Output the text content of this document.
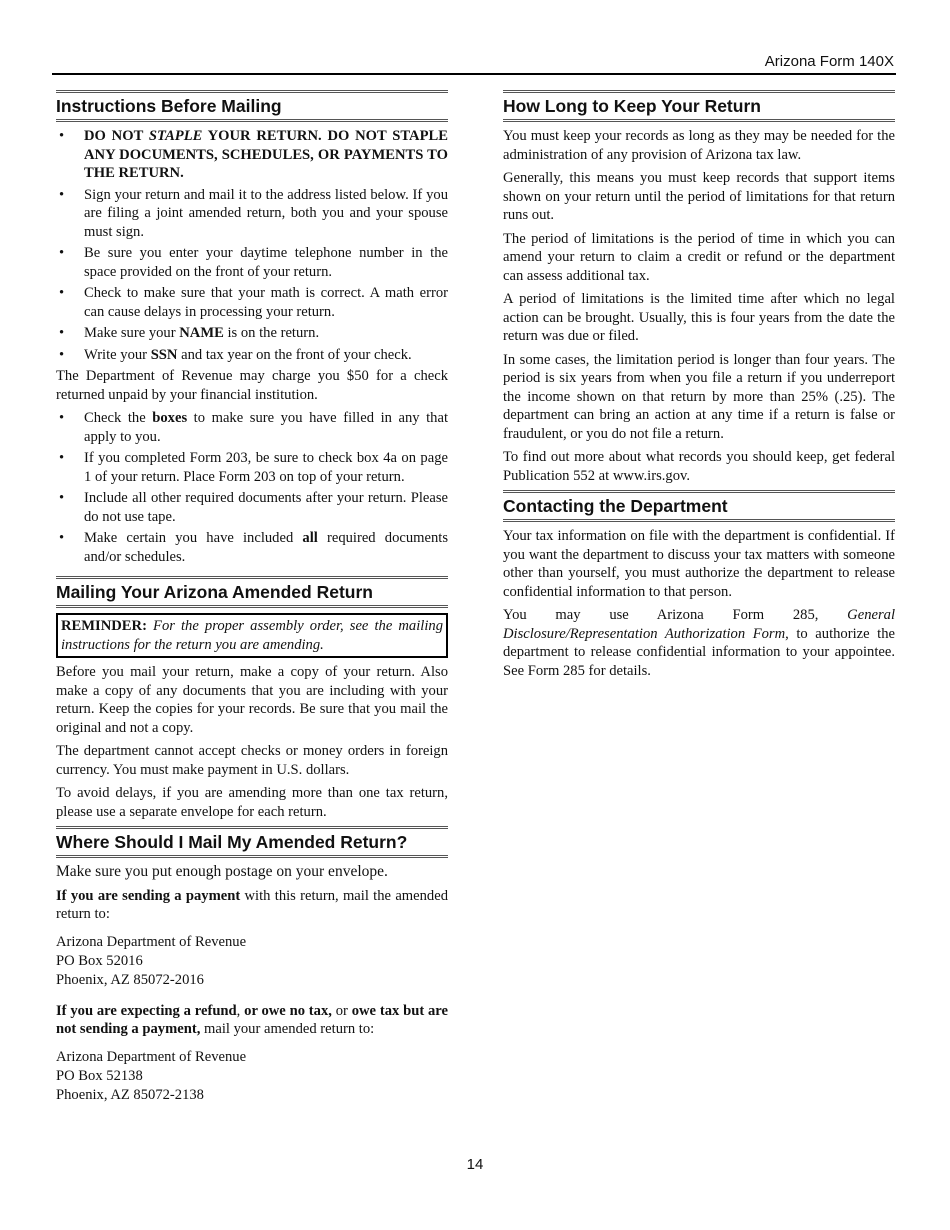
Arizona Form 140X
Instructions Before Mailing
• DO NOT STAPLE YOUR RETURN. DO NOT STAPLE ANY DOCUMENTS, SCHEDULES, OR PAYMENTS TO THE RETURN.
• Sign your return and mail it to the address listed below. If you are filing a joint amended return, both you and your spouse must sign.
• Be sure you enter your daytime telephone number in the space provided on the front of your return.
• Check to make sure that your math is correct. A math error can cause delays in processing your return.
• Make sure your NAME is on the return.
• Write your SSN and tax year on the front of your check.

The Department of Revenue may charge you $50 for a check returned unpaid by your financial institution.

• Check the boxes to make sure you have filled in any that apply to you.
• If you completed Form 203, be sure to check box 4a on page 1 of your return. Place Form 203 on top of your return.
• Include all other required documents after your return. Please do not use tape.
• Make certain you have included all required documents and/or schedules.
Mailing Your Arizona Amended Return
REMINDER: For the proper assembly order, see the mailing instructions for the return you are amending.

Before you mail your return, make a copy of your return. Also make a copy of any documents that you are including with your return. Keep the copies for your records. Be sure that you mail the original and not a copy.

The department cannot accept checks or money orders in foreign currency. You must make payment in U.S. dollars.

To avoid delays, if you are amending more than one tax return, please use a separate envelope for each return.

Where Should I Mail My Amended Return?

Make sure you put enough postage on your envelope.

If you are sending a payment with this return, mail the amended return to:

Arizona Department of Revenue
PO Box 52016
Phoenix, AZ 85072-2016

If you are expecting a refund, or owe no tax, or owe tax but are not sending a payment, mail your amended return to:

Arizona Department of Revenue
PO Box 52138
Phoenix, AZ 85072-2138
How Long to Keep Your Return

You must keep your records as long as they may be needed for the administration of any provision of Arizona tax law.

Generally, this means you must keep records that support items shown on your return until the period of limitations for that return runs out.

The period of limitations is the period of time in which you can amend your return to claim a credit or refund or the department can assess additional tax.

A period of limitations is the limited time after which no legal action can be brought. Usually, this is four years from the date the return was due or filed.

In some cases, the limitation period is longer than four years. The period is six years from when you file a return if you underreport the income shown on that return by more than 25% (.25). The department can bring an action at any time if a return is false or fraudulent, or you do not file a return.

To find out more about what records you should keep, get federal Publication 552 at www.irs.gov.

Contacting the Department

Your tax information on file with the department is confidential. If you want the department to discuss your tax matters with someone other than yourself, you must authorize the department to release confidential information to that person.

You may use Arizona Form 285, General Disclosure/Representation Authorization Form, to authorize the department to release confidential information to your appointee. See Form 285 for details.

14
